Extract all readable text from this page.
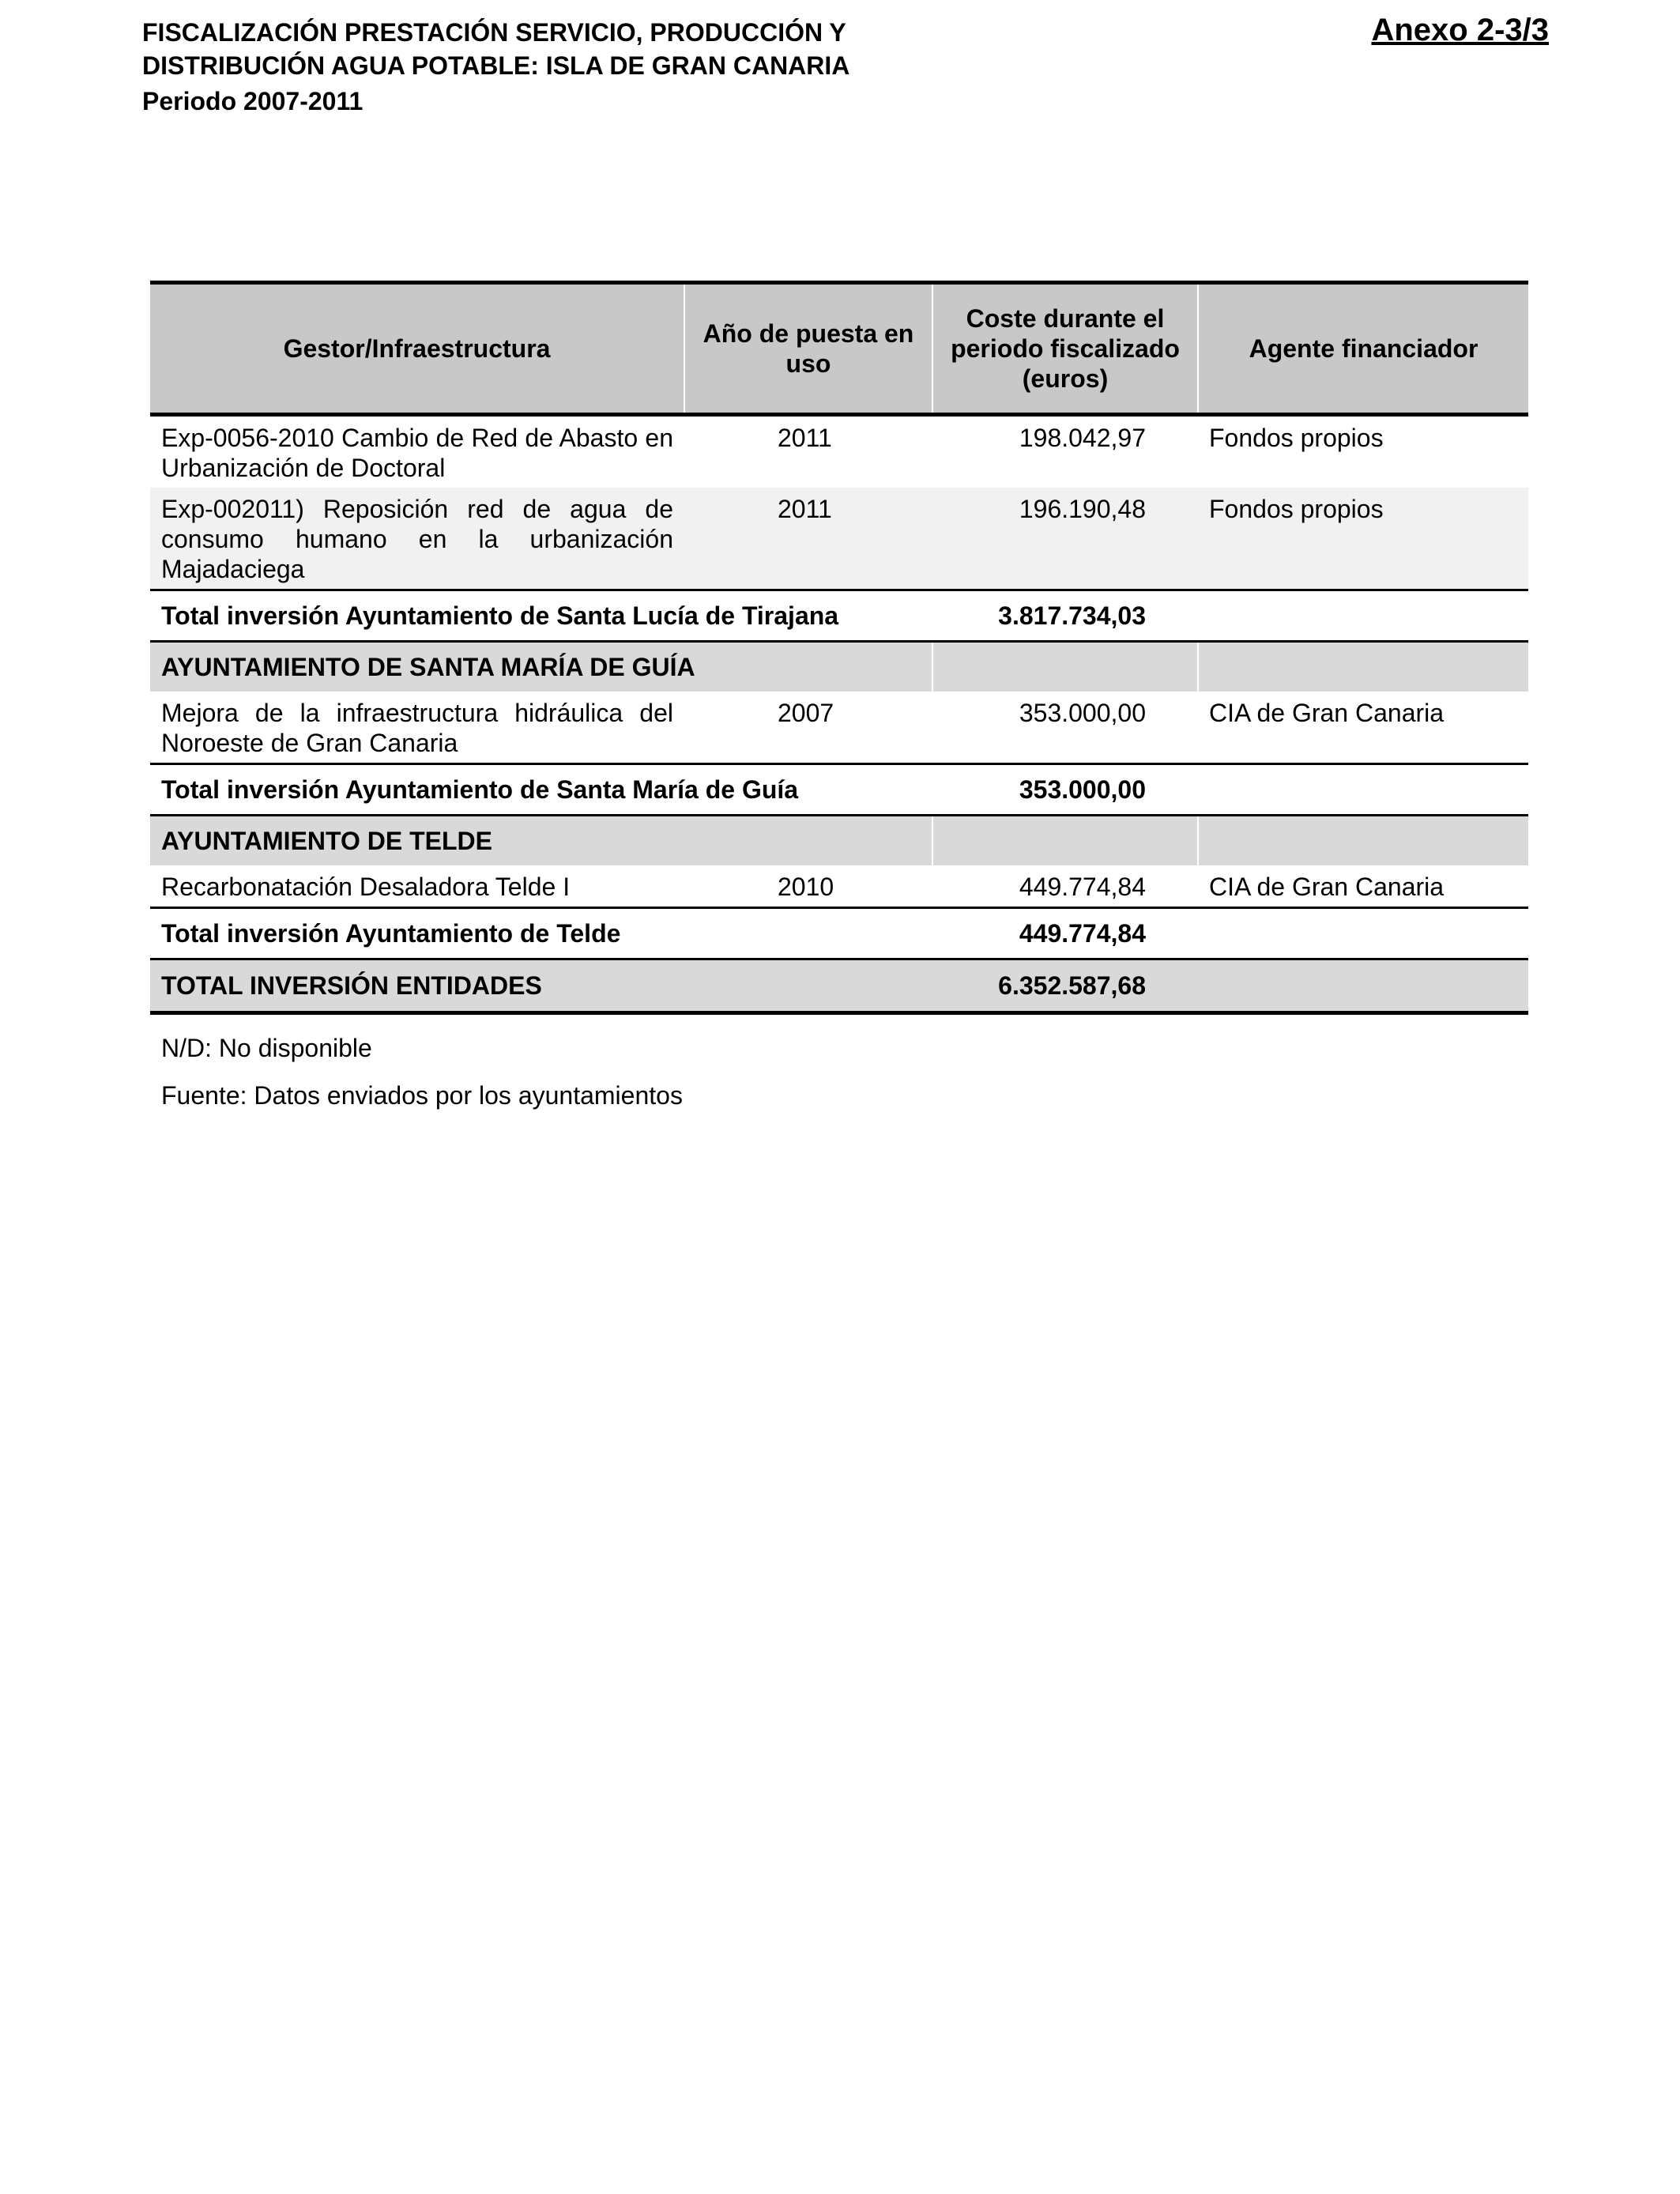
FISCALIZACIÓN PRESTACIÓN SERVICIO, PRODUCCIÓN Y
DISTRIBUCIÓN AGUA POTABLE: ISLA DE GRAN CANARIA
Periodo 2007-2011
Anexo 2-3/3
Gestor/Infraestructura	Año de puesta en uso	Coste durante el periodo fiscalizado (euros)	Agente financiador
Exp-0056-2010 Cambio de Red de Abasto en Urbanización de Doctoral	2011	198.042,97	Fondos propios
Exp-002011) Reposición red de agua de consumo humano en la urbanización Majadaciega	2011	196.190,48	Fondos propios
Total inversión Ayuntamiento de Santa Lucía de Tirajana		3.817.734,03	
AYUNTAMIENTO DE SANTA MARÍA DE GUÍA			
Mejora de la infraestructura hidráulica del Noroeste de Gran Canaria	2007	353.000,00	CIA de Gran Canaria
Total inversión Ayuntamiento de Santa María de Guía		353.000,00	
AYUNTAMIENTO DE TELDE			
Recarbonatación Desaladora Telde I	2010	449.774,84	CIA de Gran Canaria
Total inversión Ayuntamiento de Telde		449.774,84	
TOTAL INVERSIÓN ENTIDADES		6.352.587,68	
N/D: No disponible
Fuente: Datos enviados por los ayuntamientos
